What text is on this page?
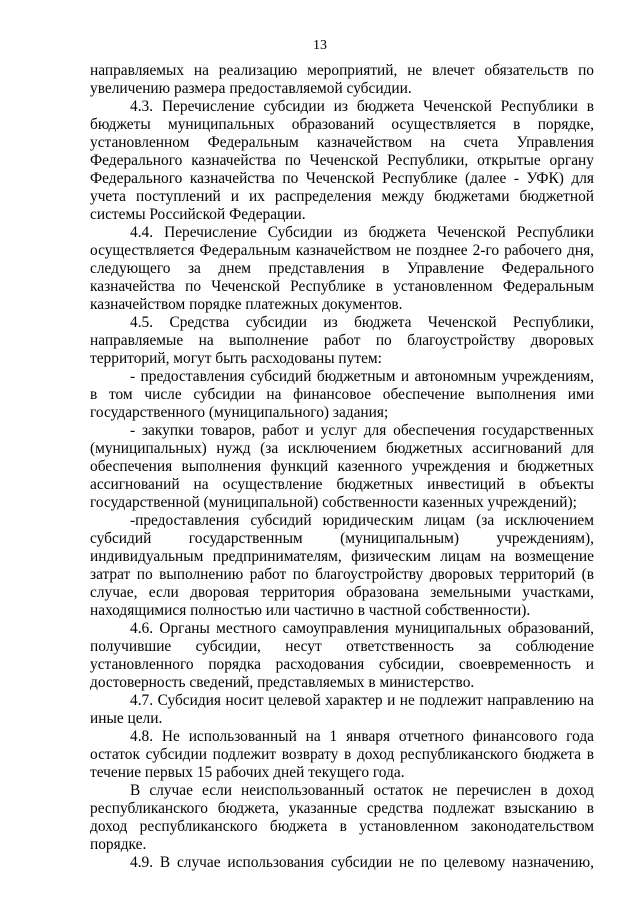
13

направляемых на реализацию мероприятий, не влечет обязательств по увеличению размера предоставляемой субсидии.

4.3. Перечисление субсидии из бюджета Чеченской Республики в бюджеты муниципальных образований осуществляется в порядке, установленном Федеральным казначейством на счета Управления Федерального казначейства по Чеченской Республики, открытые органу Федерального казначейства по Чеченской Республике (далее - УФК) для учета поступлений и их распределения между бюджетами бюджетной системы Российской Федерации.

4.4. Перечисление Субсидии из бюджета Чеченской Республики осуществляется Федеральным казначейством не позднее 2-го рабочего дня, следующего за днем представления в Управление Федерального казначейства по Чеченской Республике в установленном Федеральным казначейством порядке платежных документов.

4.5. Средства субсидии из бюджета Чеченской Республики, направляемые на выполнение работ по благоустройству дворовых территорий, могут быть расходованы путем:

- предоставления субсидий бюджетным и автономным учреждениям, в том числе субсидии на финансовое обеспечение выполнения ими государственного (муниципального) задания;

- закупки товаров, работ и услуг для обеспечения государственных (муниципальных) нужд (за исключением бюджетных ассигнований для обеспечения выполнения функций казенного учреждения и бюджетных ассигнований на осуществление бюджетных инвестиций в объекты государственной (муниципальной) собственности казенных учреждений);

-предоставления субсидий юридическим лицам (за исключением субсидий государственным (муниципальным) учреждениям), индивидуальным предпринимателям, физическим лицам на возмещение затрат по выполнению работ по благоустройству дворовых территорий (в случае, если дворовая территория образована земельными участками, находящимися полностью или частично в частной собственности).

4.6. Органы местного самоуправления муниципальных образований, получившие субсидии, несут ответственность за соблюдение установленного порядка расходования субсидии, своевременность и достоверность сведений, представляемых в министерство.

4.7. Субсидия носит целевой характер и не подлежит направлению на иные цели.

4.8. Не использованный на 1 января отчетного финансового года остаток субсидии подлежит возврату в доход республиканского бюджета в течение первых 15 рабочих дней текущего года.

В случае если неиспользованный остаток не перечислен в доход республиканского бюджета, указанные средства подлежат взысканию в доход республиканского бюджета в установленном законодательством порядке.

4.9. В случае использования субсидии не по целевому назначению,
